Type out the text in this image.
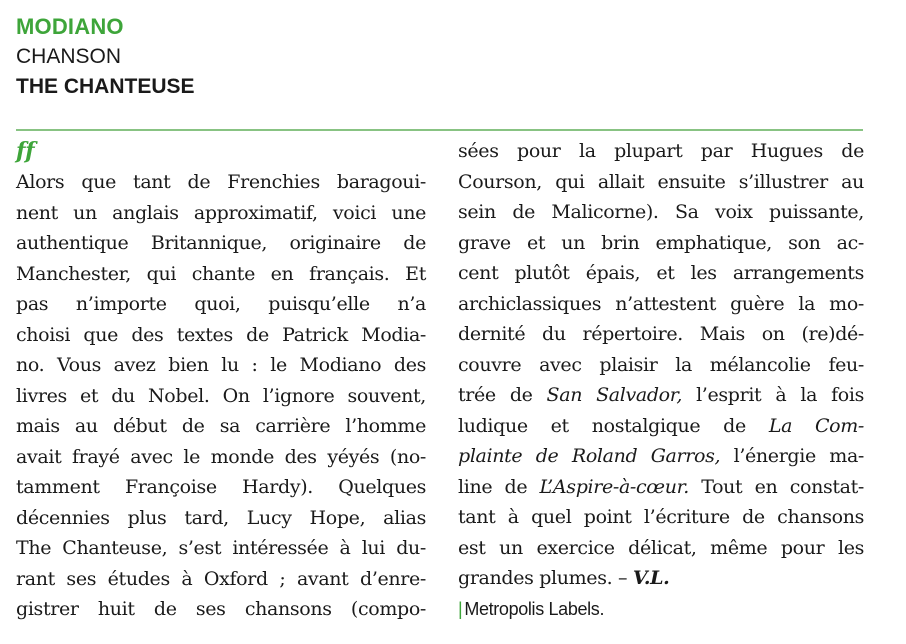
MODIANO
CHANSON
THE CHANTEUSE
ff
Alors que tant de Frenchies baragoui-
nent un anglais approximatif, voici une
authentique Britannique, originaire de
Manchester, qui chante en français. Et
pas n’importe quoi, puisqu’elle n’a
choisi que des textes de Patrick Modia-
no. Vous avez bien lu : le Modiano des
livres et du Nobel. On l’ignore souvent,
mais au début de sa carrière l’homme
avait frayé avec le monde des yéyés (no-
tamment Françoise Hardy). Quelques
décennies plus tard, Lucy Hope, alias
The Chanteuse, s’est intéressée à lui du-
rant ses études à Oxford ; avant d’enre-
gistrer huit de ses chansons (compo-
sées pour la plupart par Hugues de
Courson, qui allait ensuite s’illustrer au
sein de Malicorne). Sa voix puissante,
grave et un brin emphatique, son ac-
cent plutôt épais, et les arrangements
archiclassiques n’attestent guère la mo-
dernité du répertoire. Mais on (re)dé-
couvre avec plaisir la mélancolie feu-
trée de San Salvador, l’esprit à la fois
ludique et nostalgique de La Com-
plainte de Roland Garros, l’énergie ma-
line de L’Aspire-à-cœur. Tout en constat-
tant à quel point l’écriture de chansons
est un exercice délicat, même pour les
grandes plumes. – V.L.
| Metropolis Labels.
